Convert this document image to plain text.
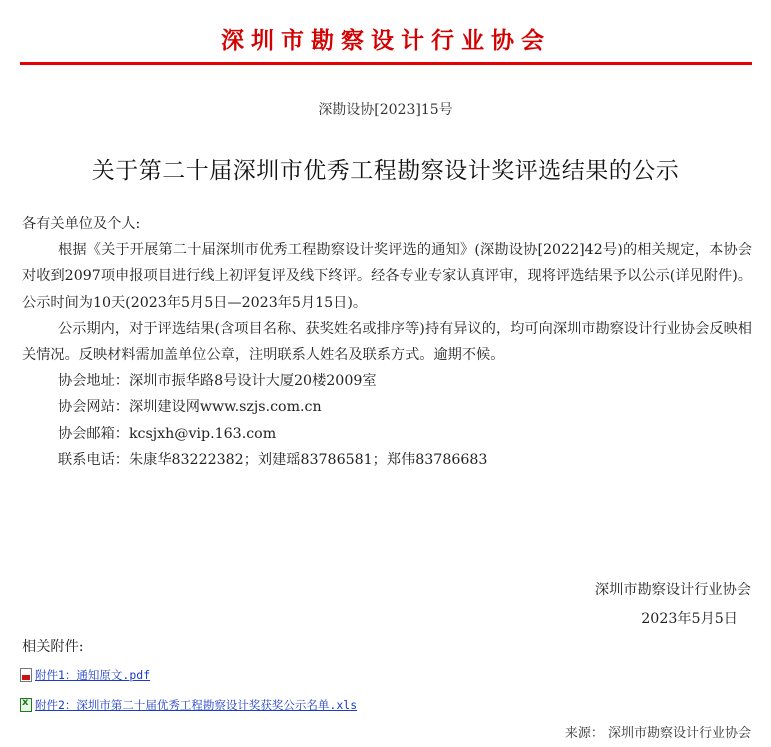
深圳市勘察设计行业协会
深勘设协[2023]15号
关于第二十届深圳市优秀工程勘察设计奖评选结果的公示

各有关单位及个人:

根据《关于开展第二十届深圳市优秀工程勘察设计奖评选的通知》(深勘设协[2022]42号)的相关规定，本协会对收到2097项申报项目进行线上初评复评及线下终评。经各专业专家认真评审，现将评选结果予以公示(详见附件)。公示时间为10天(2023年5月5日—2023年5月15日)。

公示期内，对于评选结果(含项目名称、获奖姓名或排序等)持有异议的，均可向深圳市勘察设计行业协会反映相关情况。反映材料需加盖单位公章，注明联系人姓名及联系方式。逾期不候。

协会地址：深圳市振华路8号设计大厦20楼2009室

协会网站：深圳建设网www.szjs.com.cn

协会邮箱：kcsjxh@vip.163.com

联系电话：朱康华83222382；刘建瑶83786581；郑伟83786683

深圳市勘察设计行业协会
2023年5月5日
相关附件:
附件1：通知原文.pdf
x
附件2：深圳市第二十届优秀工程勘察设计奖获奖公示名单.xls
来源： 深圳市勘察设计行业协会
